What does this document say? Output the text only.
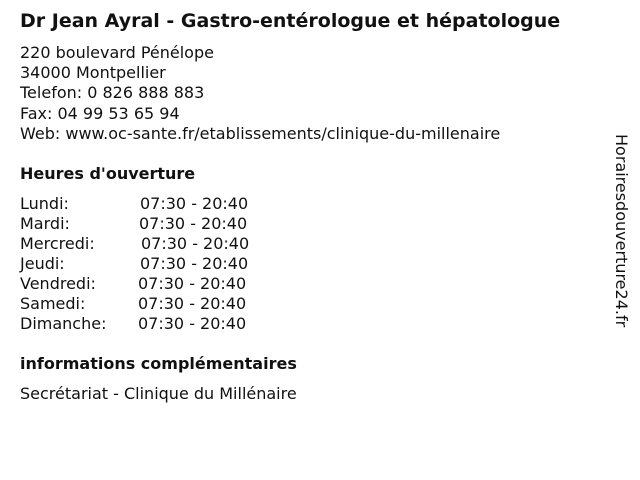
Dr Jean Ayral - Gastro-entérologue et hépatologue
220 boulevard Pénélope
34000 Montpellier
Telefon: 0 826 888 883
Fax: 04 99 53 65 94
Web: www.oc-sante.fr/etablissements/clinique-du-millenaire
Heures d'ouverture
Lundi:	07:30 - 20:40
Mardi:	07:30 - 20:40
Mercredi:	07:30 - 20:40
Jeudi:	07:30 - 20:40
Vendredi:	07:30 - 20:40
Samedi:	07:30 - 20:40
Dimanche: 07:30 - 20:40
informations complémentaires
Secrétariat - Clinique du Millénaire
Horairesdouverture24.fr
